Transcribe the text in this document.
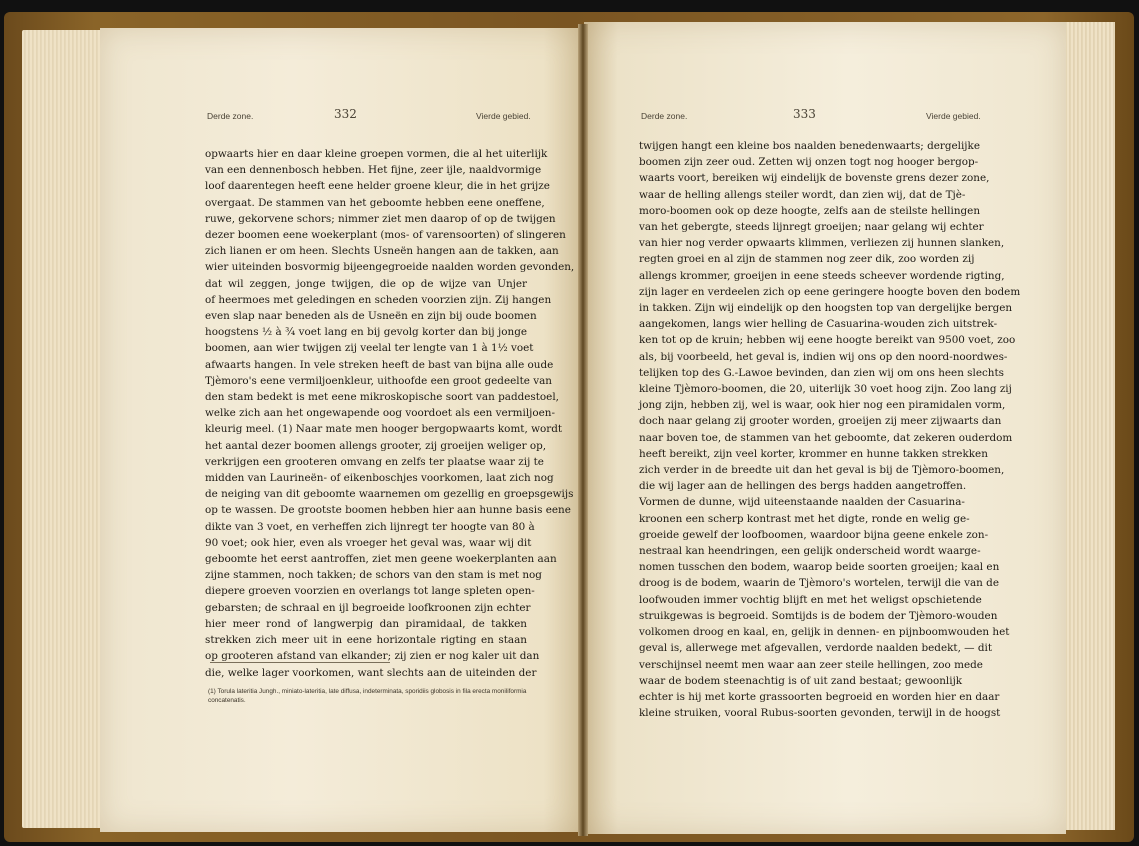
Derde zone.	332	Vierde gebied.	Derde zone.	333	Vierde gebied.
opwaarts hier en daar kleine groepen vormen, die al het uiterlijk
van een dennenbosch hebben. Het fijne, zeer ijle, naaldvormige
loof daarentegen heeft eene helder groene kleur, die in het grijze
overgaat. De stammen van het geboomte hebben eene oneffene,
ruwe, gekorvene schors; nimmer ziet men daarop of op de twijgen
dezer boomen eene woekerplant (mos- of varensoorten) of slingeren
zich lianen er om heen. Slechts Usneën hangen aan de takken, aan
wier uiteinden bosvormig bijeengegroeide naalden worden gevonden,
dat wil zeggen, jonge twijgen, die op de wijze van Unjer
of heermoes met geledingen en scheden voorzien zijn. Zij hangen
even slap naar beneden als de Usneën en zijn bij oude boomen
hoogstens ½ à ¾ voet lang en bij gevolg korter dan bij jonge
boomen, aan wier twijgen zij veelal ter lengte van 1 à 1½ voet
afwaarts hangen. In vele streken heeft de bast van bijna alle oude
Tjèmoro's eene vermiljoenkleur, uithoofde een groot gedeelte van
den stam bedekt is met eene mikroskopische soort van paddestoel,
welke zich aan het ongewapende oog voordoet als een vermiljoen-
kleurig meel. (1) Naar mate men hooger bergopwaarts komt, wordt
het aantal dezer boomen allengs grooter, zij groeijen weliger op,
verkrijgen een grooteren omvang en zelfs ter plaatse waar zij te
midden van Laurineën- of eikenboschjes voorkomen, laat zich nog
de neiging van dit geboomte waarnemen om gezellig en groepsgewijs
op te wassen. De grootste boomen hebben hier aan hunne basis eene
dikte van 3 voet, en verheffen zich lijnregt ter hoogte van 80 à
90 voet; ook hier, even als vroeger het geval was, waar wij dit
geboomte het eerst aantroffen, ziet men geene woekerplanten aan
zijne stammen, noch takken; de schors van den stam is met nog
diepere groeven voorzien en overlangs tot lange spleten open-
gebarsten; de schraal en ijl begroeide loofkroonen zijn echter
hier meer rond of langwerpig dan piramidaal, de takken
strekken zich meer uit in eene horizontale rigting en staan
op grooteren afstand van elkander; zij zien er nog kaler uit dan
die, welke lager voorkomen, want slechts aan de uiteinden der
twijgen hangt een kleine bos naalden benedenwaarts; dergelijke
boomen zijn zeer oud. Zetten wij onzen togt nog hooger bergop-
waarts voort, bereiken wij eindelijk de bovenste grens dezer zone,
waar de helling allengs steiler wordt, dan zien wij, dat de Tjè-
moro-boomen ook op deze hoogte, zelfs aan de steilste hellingen
van het gebergte, steeds lijnregt groeijen; naar gelang wij echter
van hier nog verder opwaarts klimmen, verliezen zij hunnen slanken,
regten groei en al zijn de stammen nog zeer dik, zoo worden zij
allengs krommer, groeijen in eene steeds scheever wordende rigting,
zijn lager en verdeelen zich op eene geringere hoogte boven den bodem
in takken. Zijn wij eindelijk op den hoogsten top van dergelijke bergen
aangekomen, langs wier helling de Casuarina-wouden zich uitstrek-
ken tot op de kruin; hebben wij eene hoogte bereikt van 9500 voet, zoo
als, bij voorbeeld, het geval is, indien wij ons op den noord-noordwes-
telijken top des G.-Lawoe bevinden, dan zien wij om ons heen slechts
kleine Tjèmoro-boomen, die 20, uiterlijk 30 voet hoog zijn. Zoo lang zij
jong zijn, hebben zij, wel is waar, ook hier nog een piramidalen vorm,
doch naar gelang zij grooter worden, groeijen zij meer zijwaarts dan
naar boven toe, de stammen van het geboomte, dat zekeren ouderdom
heeft bereikt, zijn veel korter, krommer en hunne takken strekken
zich verder in de breedte uit dan het geval is bij de Tjèmoro-boomen,
die wij lager aan de hellingen des bergs hadden aangetroffen.
Vormen de dunne, wijd uiteenstaande naalden der Casuarina-
kroonen een scherp kontrast met het digte, ronde en welig ge-
groeide gewelf der loofboomen, waardoor bijna geene enkele zon-
nestraal kan heendringen, een gelijk onderscheid wordt waarge-
nomen tusschen den bodem, waarop beide soorten groeijen; kaal en
droog is de bodem, waarin de Tjèmoro's wortelen, terwijl die van de
loofwouden immer vochtig blijft en met het weligst opschietende
struikgewas is begroeid. Somtijds is de bodem der Tjèmoro-wouden
volkomen droog en kaal, en, gelijk in dennen- en pijnboomwouden het
geval is, allerwege met afgevallen, verdorde naalden bedekt, — dit
verschijnsel neemt men waar aan zeer steile hellingen, zoo mede
waar de bodem steenachtig is of uit zand bestaat; gewoonlijk
echter is hij met korte grassoorten begroeid en worden hier en daar
kleine struiken, vooral Rubus-soorten gevonden, terwijl in de hoogst
(1) Torula lateritia Jungh., miniato-lateritia, late diffusa, indeterminata, sporidiis globosis in fila erecta moniliformia concatenatis.
